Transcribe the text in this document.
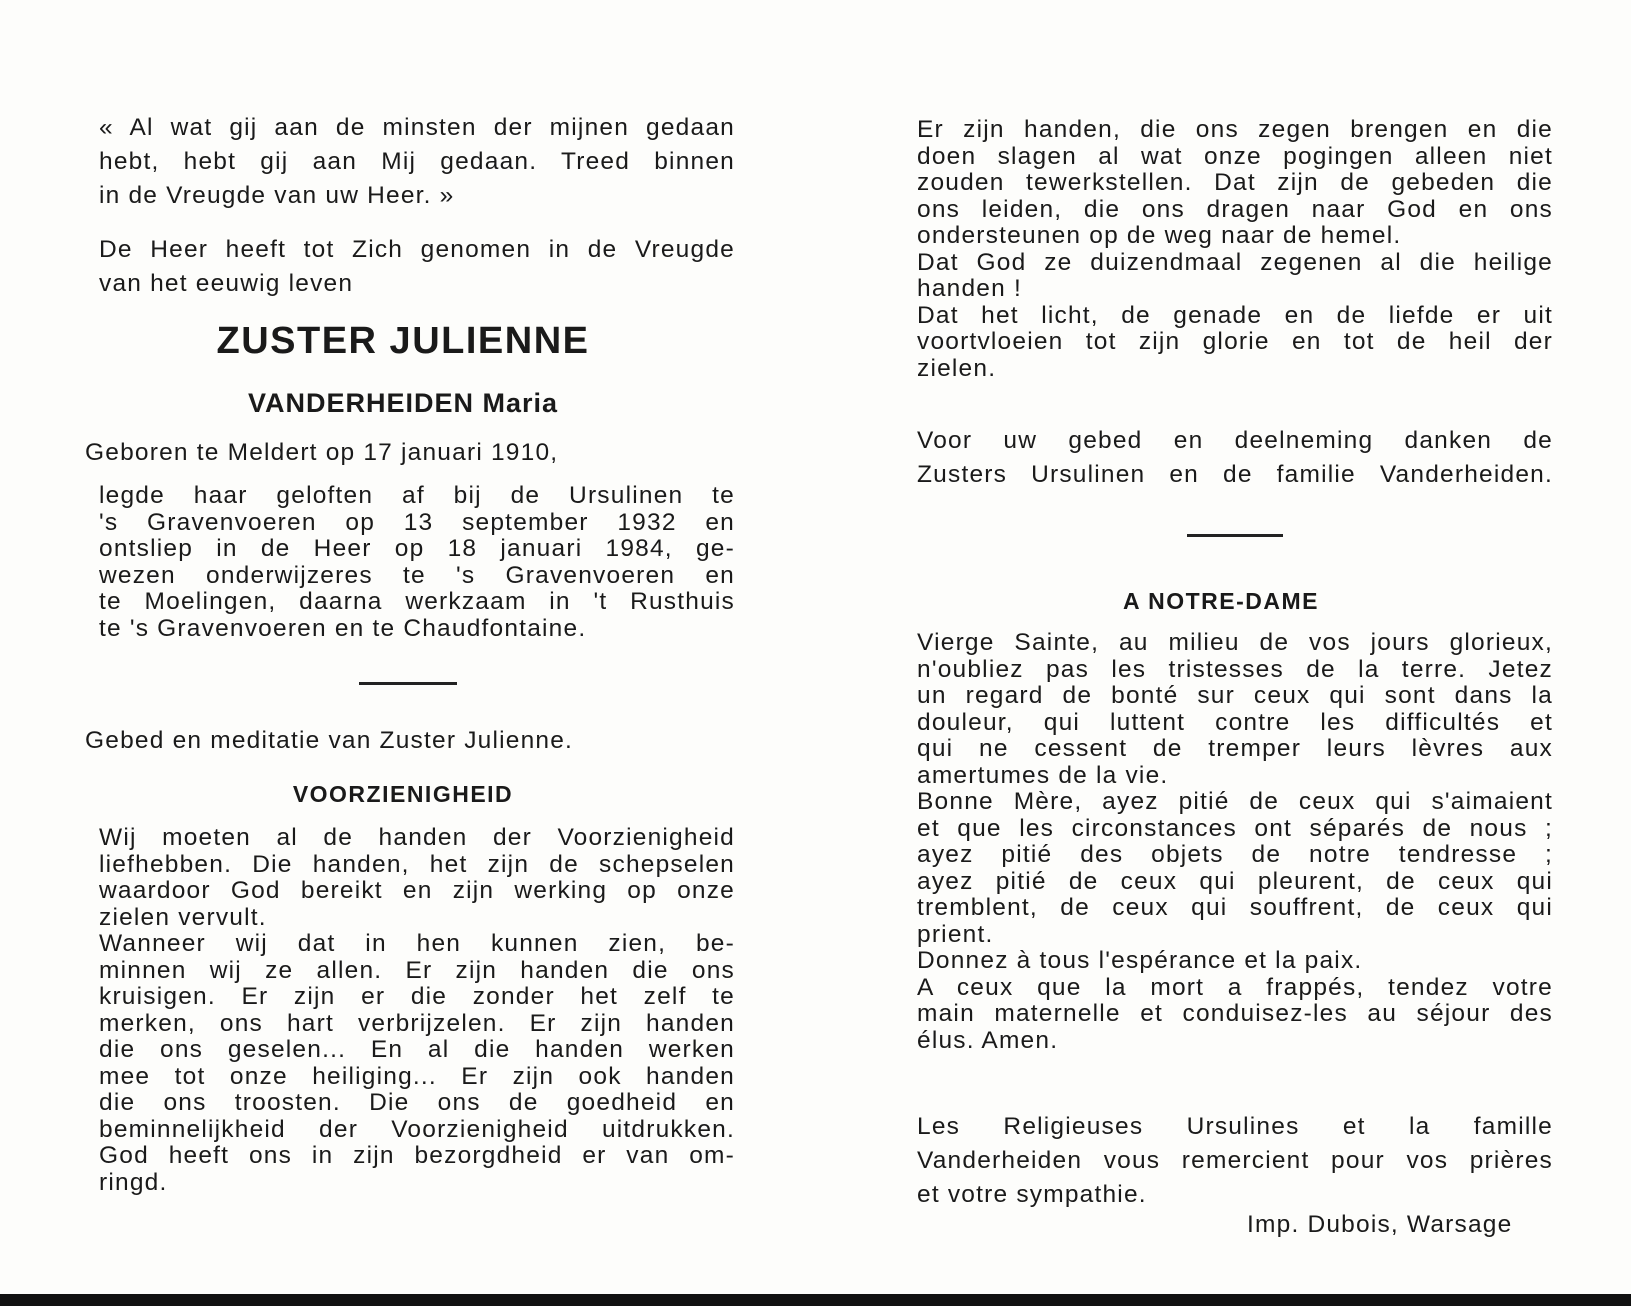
« Al wat gij aan de minsten der mijnen gedaan
hebt, hebt gij aan Mij gedaan. Treed binnen
in de Vreugde van uw Heer. »
De Heer heeft tot Zich genomen in de Vreugde
van het eeuwig leven
ZUSTER JULIENNE
VANDERHEIDEN Maria
Geboren te Meldert op 17 januari 1910,
legde haar geloften af bij de Ursulinen te
's Gravenvoeren op 13 september 1932 en
ontsliep in de Heer op 18 januari 1984, ge-
wezen onderwijzeres te 's Gravenvoeren en
te Moelingen, daarna werkzaam in 't Rusthuis
te 's Gravenvoeren en te Chaudfontaine.
Gebed en meditatie van Zuster Julienne.
VOORZIENIGHEID
Wij moeten al de handen der Voorzienigheid
liefhebben. Die handen, het zijn de schepselen
waardoor God bereikt en zijn werking op onze
zielen vervult.
Wanneer wij dat in hen kunnen zien, be-
minnen wij ze allen. Er zijn handen die ons
kruisigen. Er zijn er die zonder het zelf te
merken, ons hart verbrijzelen. Er zijn handen
die ons geselen... En al die handen werken
mee tot onze heiliging... Er zijn ook handen
die ons troosten. Die ons de goedheid en
beminnelijkheid der Voorzienigheid uitdrukken.
God heeft ons in zijn bezorgdheid er van om-
ringd.
Er zijn handen, die ons zegen brengen en die
doen slagen al wat onze pogingen alleen niet
zouden tewerkstellen. Dat zijn de gebeden die
ons leiden, die ons dragen naar God en ons
ondersteunen op de weg naar de hemel.
Dat God ze duizendmaal zegenen al die heilige
handen !
Dat het licht, de genade en de liefde er uit
voortvloeien tot zijn glorie en tot de heil der
zielen.
Voor uw gebed en deelneming danken de
Zusters Ursulinen en de familie Vanderheiden.
A NOTRE-DAME
Vierge Sainte, au milieu de vos jours glorieux,
n'oubliez pas les tristesses de la terre. Jetez
un regard de bonté sur ceux qui sont dans la
douleur, qui luttent contre les difficultés et
qui ne cessent de tremper leurs lèvres aux
amertumes de la vie.
Bonne Mère, ayez pitié de ceux qui s'aimaient
et que les circonstances ont séparés de nous ;
ayez pitié des objets de notre tendresse ;
ayez pitié de ceux qui pleurent, de ceux qui
tremblent, de ceux qui souffrent, de ceux qui
prient.
Donnez à tous l'espérance et la paix.
A ceux que la mort a frappés, tendez votre
main maternelle et conduisez-les au séjour des
élus. Amen.
Les Religieuses Ursulines et la famille
Vanderheiden vous remercient pour vos prières
et votre sympathie.
Imp. Dubois, Warsage
